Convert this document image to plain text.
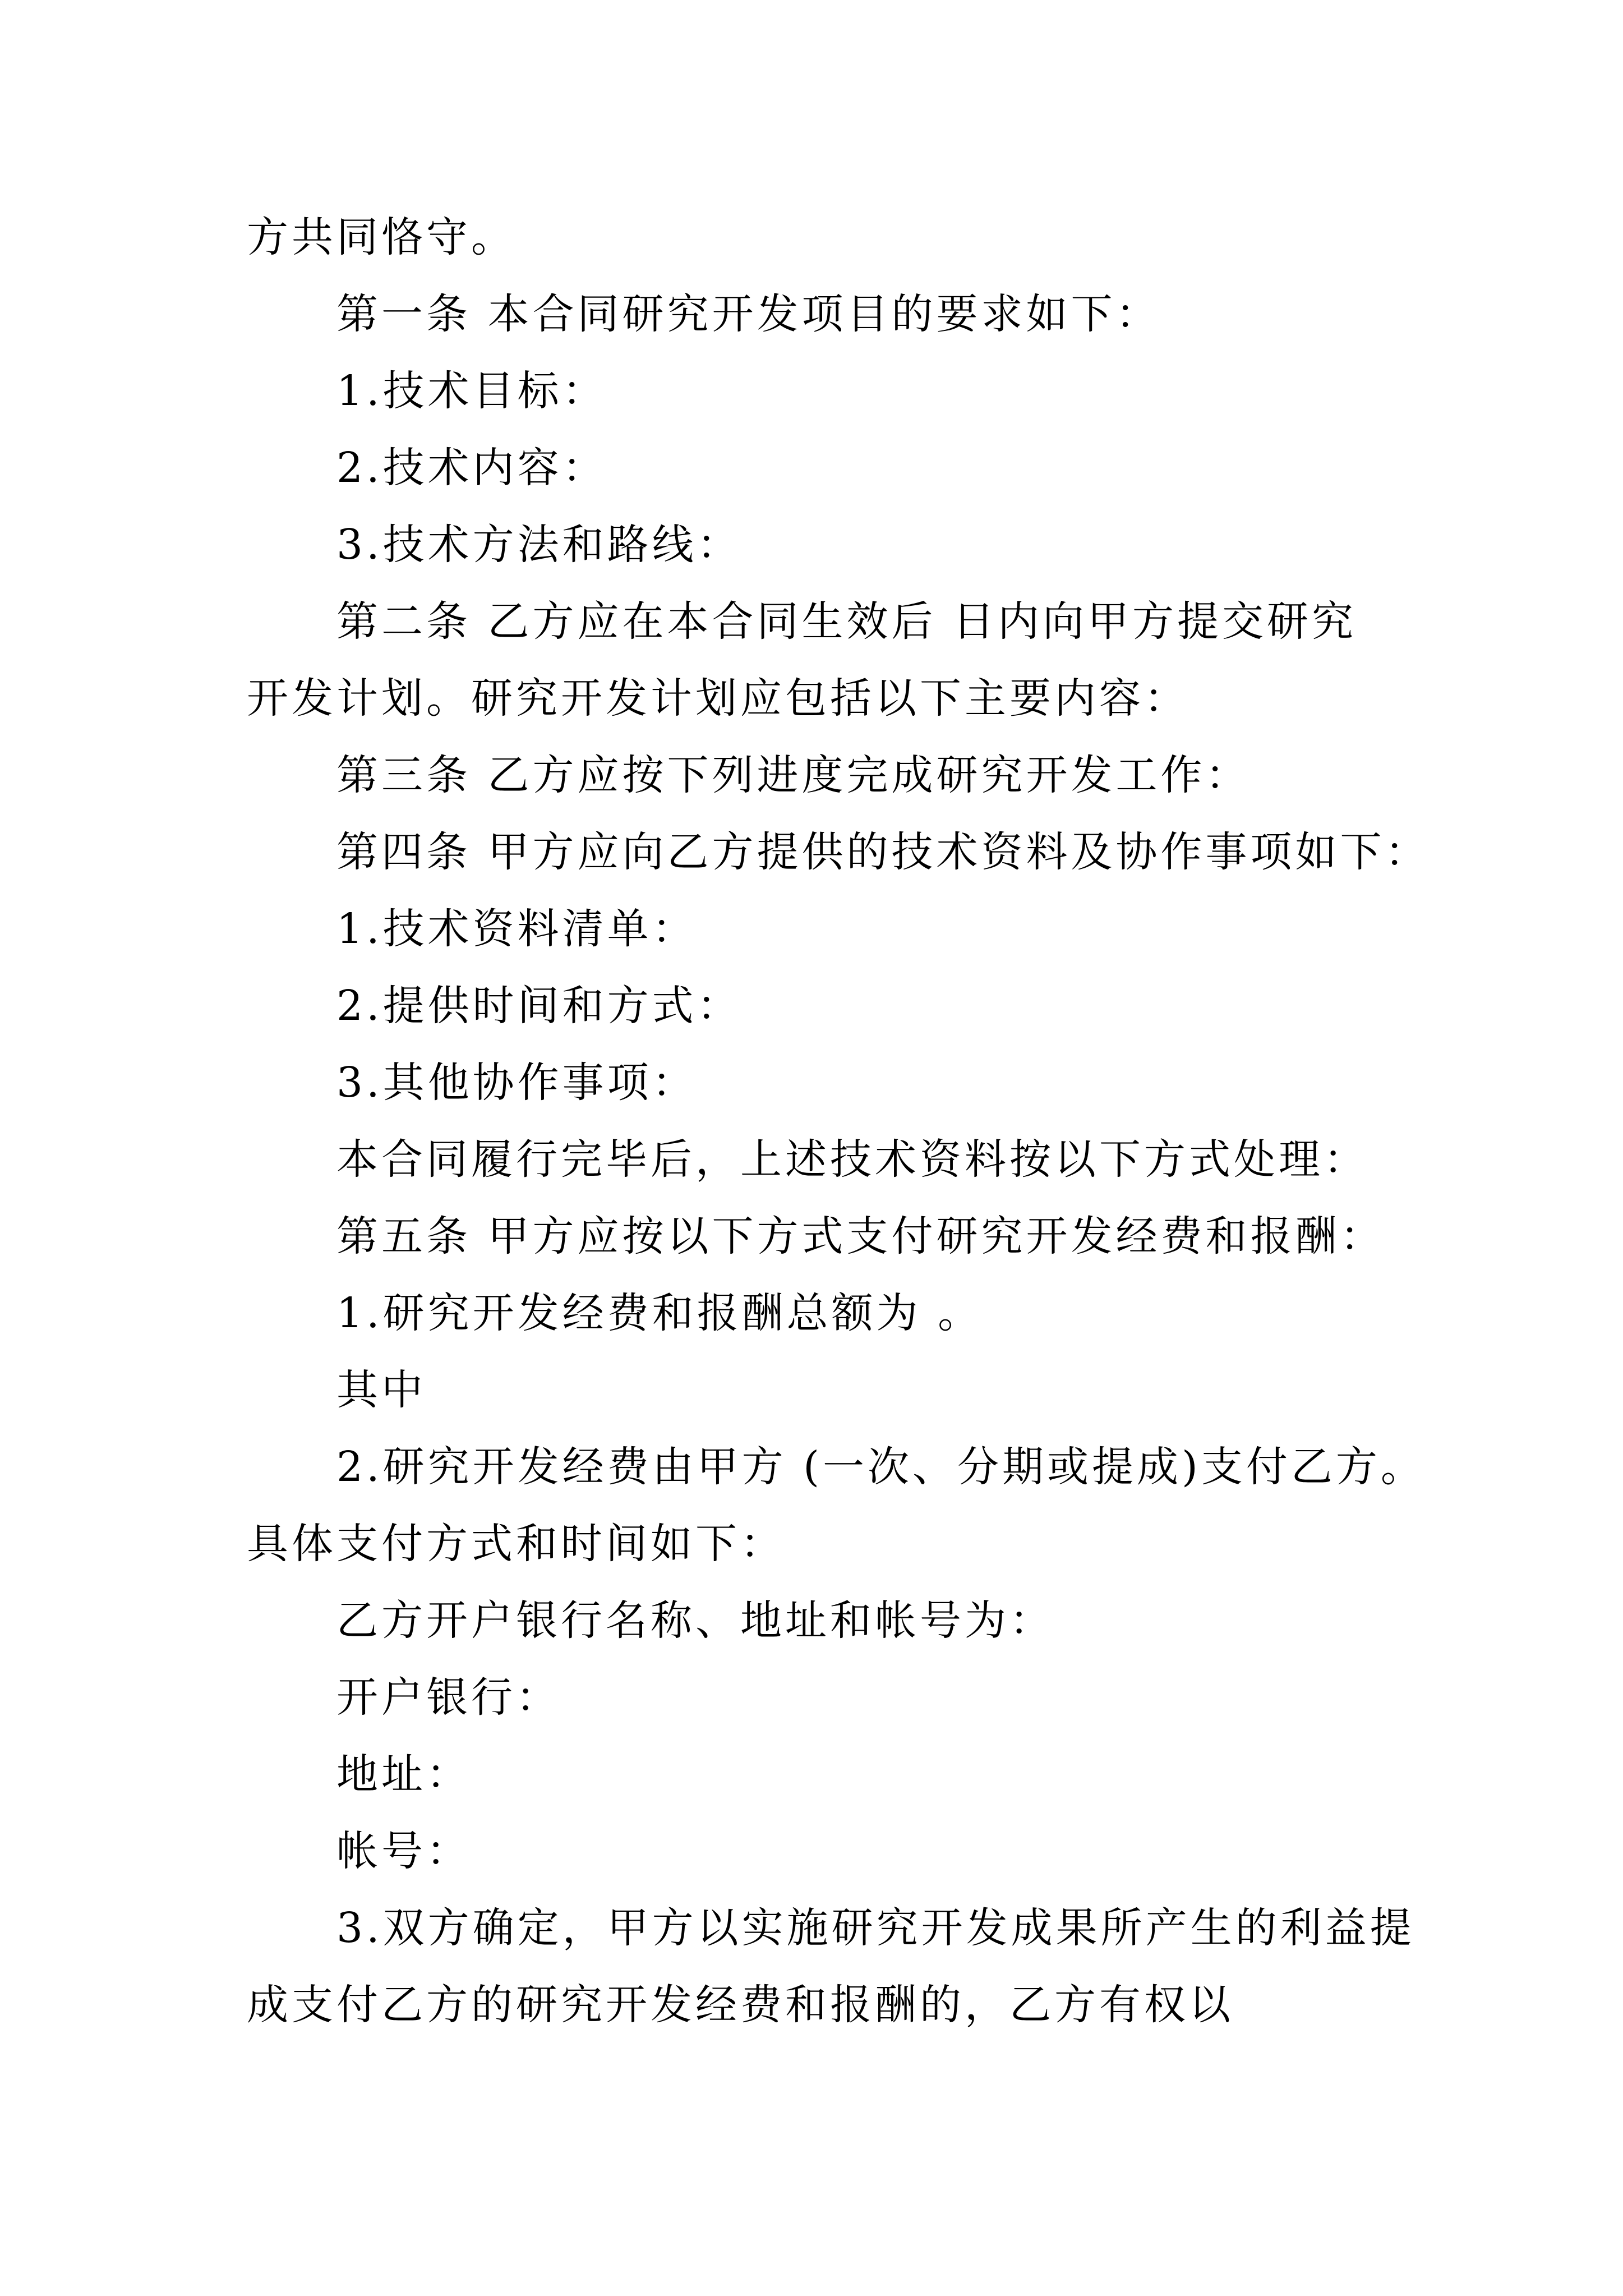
方共同恪守。
第一条 本合同研究开发项目的要求如下：
1.技术目标：
2.技术内容：
3.技术方法和路线：
第二条 乙方应在本合同生效后 日内向甲方提交研究
开发计划。研究开发计划应包括以下主要内容：
第三条 乙方应按下列进度完成研究开发工作：
第四条 甲方应向乙方提供的技术资料及协作事项如下：
1.技术资料清单：
2.提供时间和方式：
3.其他协作事项：
本合同履行完毕后，上述技术资料按以下方式处理：
第五条 甲方应按以下方式支付研究开发经费和报酬：
1.研究开发经费和报酬总额为 。
其中
2.研究开发经费由甲方 (一次、分期或提成)支付乙方。
具体支付方式和时间如下：
乙方开户银行名称、地址和帐号为：
开户银行：
地址：
帐号：
3.双方确定，甲方以实施研究开发成果所产生的利益提
成支付乙方的研究开发经费和报酬的，乙方有权以
